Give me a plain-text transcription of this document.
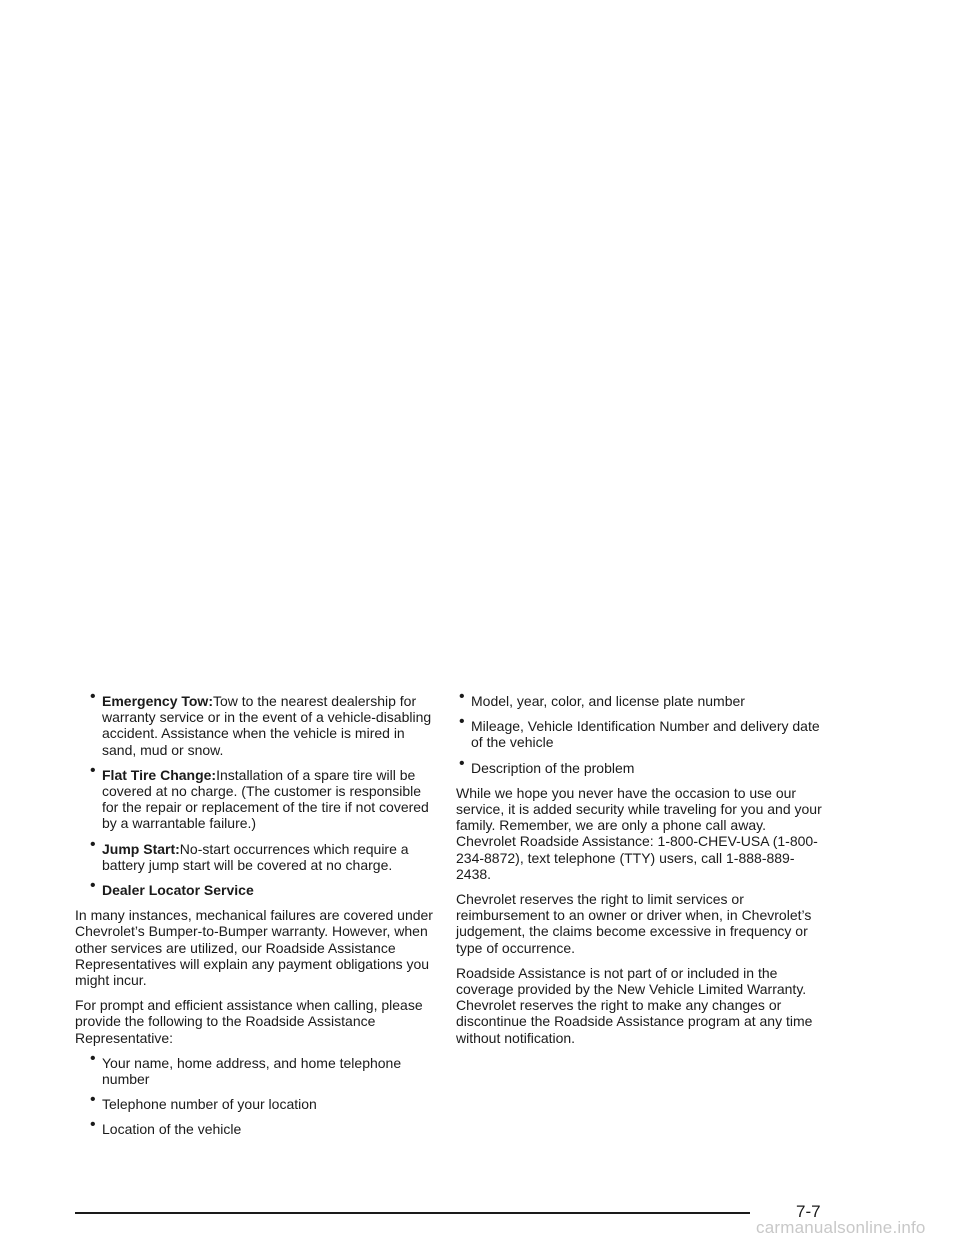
• Emergency Tow:Tow to the nearest dealership for warranty service or in the event of a vehicle-disabling accident. Assistance when the vehicle is mired in sand, mud or snow.
• Flat Tire Change:Installation of a spare tire will be covered at no charge. (The customer is responsible for the repair or replacement of the tire if not covered by a warrantable failure.)
• Jump Start:No-start occurrences which require a battery jump start will be covered at no charge.
• Dealer Locator Service

In many instances, mechanical failures are covered under Chevrolet’s Bumper-to-Bumper warranty. However, when other services are utilized, our Roadside Assistance Representatives will explain any payment obligations you might incur.

For prompt and efficient assistance when calling, please provide the following to the Roadside Assistance Representative:

• Your name, home address, and home telephone number
• Telephone number of your location
• Location of the vehicle
• Model, year, color, and license plate number
• Mileage, Vehicle Identification Number and delivery date of the vehicle
• Description of the problem

While we hope you never have the occasion to use our service, it is added security while traveling for you and your family. Remember, we are only a phone call away. Chevrolet Roadside Assistance: 1-800-CHEV-USA (1-800-234-8872), text telephone (TTY) users, call 1-888-889-2438.

Chevrolet reserves the right to limit services or reimbursement to an owner or driver when, in Chevrolet’s judgement, the claims become excessive in frequency or type of occurrence.

Roadside Assistance is not part of or included in the coverage provided by the New Vehicle Limited Warranty. Chevrolet reserves the right to make any changes or discontinue the Roadside Assistance program at any time without notification.

7-7
carmanualsonline.info
